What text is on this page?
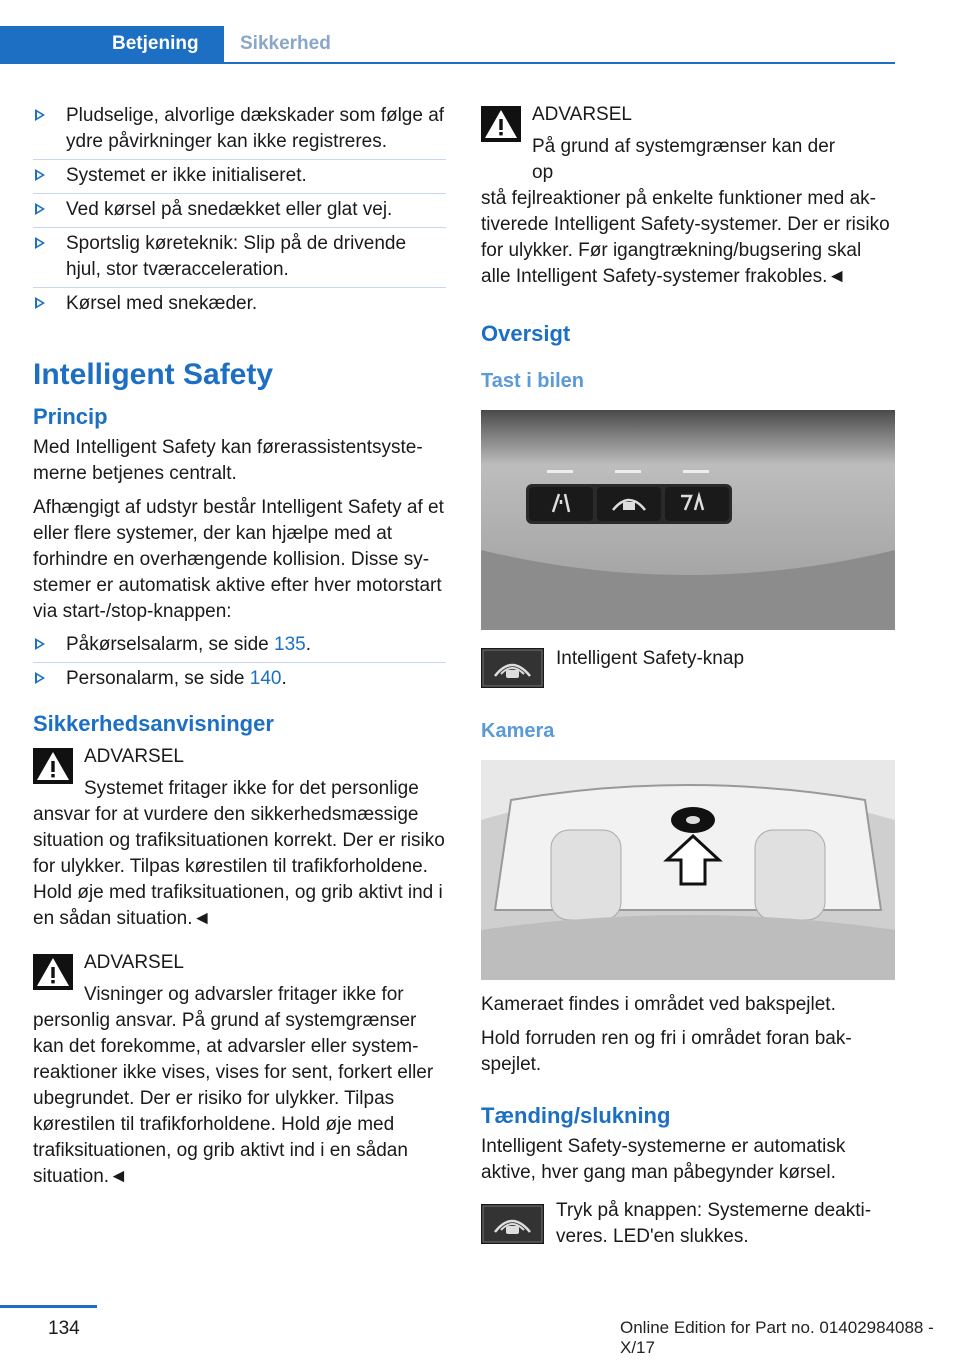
Betjening	Sikkerhed
Pludselige, alvorlige dækskader som følge af ydre påvirkninger kan ikke registreres.
Systemet er ikke initialiseret.
Ved kørsel på snedækket eller glat vej.
Sportslig køreteknik: Slip på de drivende hjul, stor tværacceleration.
Kørsel med snekæder.
Intelligent Safety
Princip

Med Intelligent Safety kan førerassistentsystemerne betjenes centralt.

Afhængigt af udstyr består Intelligent Safety af et eller flere systemer, der kan hjælpe med at forhindre en overhængende kollision. Disse systemer er automatisk aktive efter hver motorstart via start-/stop-knappen:

Påkørselsalarm, se side 135.
Personalarm, se side 140.
Sikkerhedsanvisninger

ADVARSEL

Systemet fritager ikke for det personlige

ansvar for at vurdere den sikkerhedsmæssige situation og trafiksituationen korrekt. Der er risiko for ulykker. Tilpas kørestilen til trafikforholdene. Hold øje med trafiksituationen, og grib aktivt ind i en sådan situation.◄

ADVARSEL

Visninger og advarsler fritager ikke for

personlig ansvar. På grund af systemgrænser kan det forekomme, at advarsler eller systemreaktioner ikke vises, vises for sent, forkert eller ubegrundet. Der er risiko for ulykker. Tilpas kørestilen til trafikforholdene. Hold øje med trafiksituationen, og grib aktivt ind i en sådan situation.◄

ADVARSEL

På grund af systemgrænser kan der op

stå fejlreaktioner på enkelte funktioner med aktiverede Intelligent Safety-systemer. Der er risiko for ulykker. Før igangtrækning/bugsering skal alle Intelligent Safety-systemer frakobles.◄

Oversigt
Tast i bilen

Intelligent Safety-knap

Kamera

Kameraet findes i området ved bakspejlet.

Hold forruden ren og fri i området foran bakspejlet.

Tænding/slukning

Intelligent Safety-systemerne er automatisk aktive, hver gang man påbegynder kørsel.

Tryk på knappen: Systemerne deaktiveres. LED'en slukkes.

134	Online Edition for Part no. 01402984088 - X/17
